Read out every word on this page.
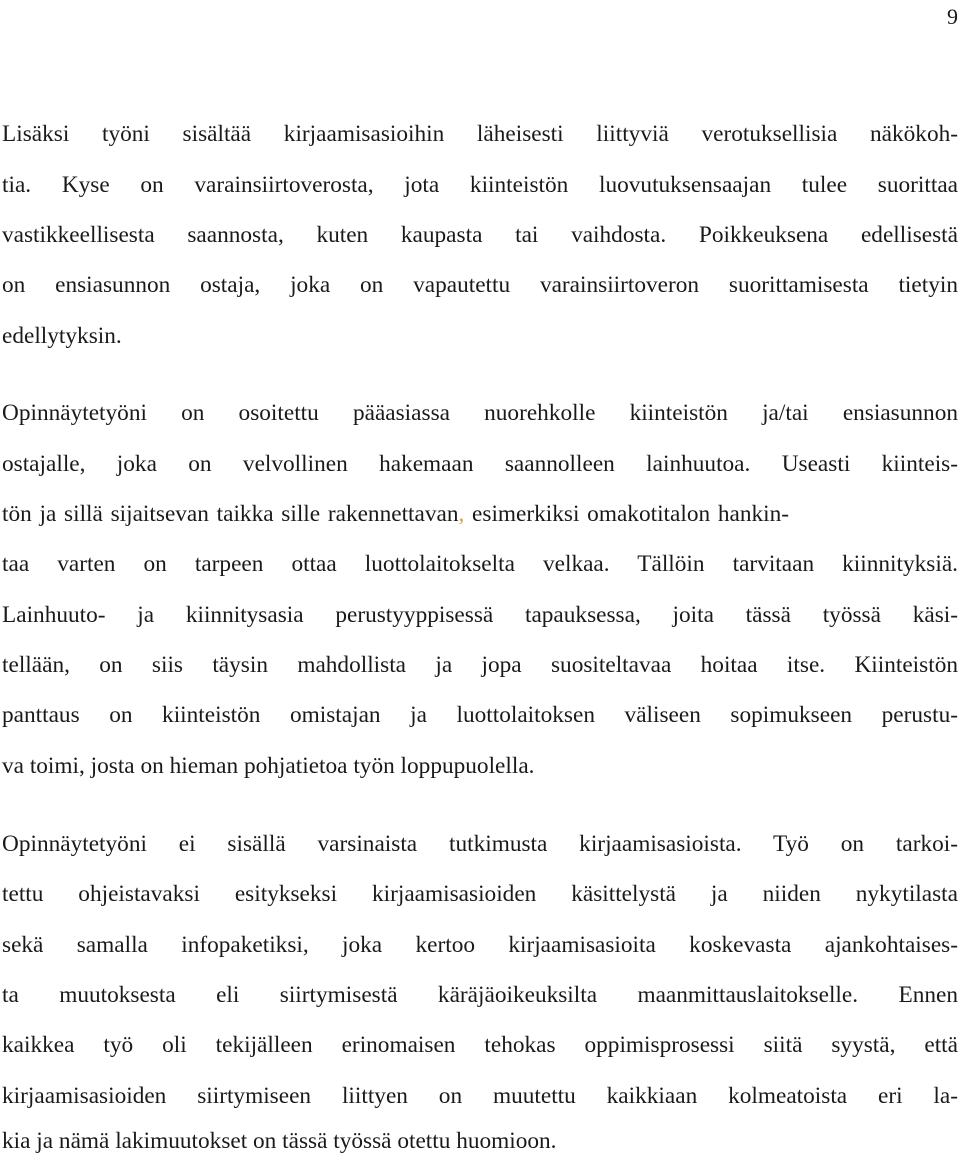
9
Lisäksi työni sisältää kirjaamisasioihin läheisesti liittyviä verotuksellisia näkökoh-
tia. Kyse on varainsiirtoverosta, jota kiinteistön luovutuksensaajan tulee suorittaa
vastikkeellisesta saannosta, kuten kaupasta tai vaihdosta. Poikkeuksena edellisestä
on ensiasunnon ostaja, joka on vapautettu varainsiirtoveron suorittamisesta tietyin
edellytyksin.
Opinnäytetyöni on osoitettu pääasiassa nuorehkolle kiinteistön ja/tai ensiasunnon
ostajalle, joka on velvollinen hakemaan saannolleen lainhuutoa. Useasti kiinteis-
tön ja sillä sijaitsevan taikka sille rakennettavan, esimerkiksi omakotitalon hankin-
taa varten on tarpeen ottaa luottolaitokselta velkaa. Tällöin tarvitaan kiinnityksiä.
Lainhuuto- ja kiinnitysasia perustyyppisessä tapauksessa, joita tässä työssä käsi-
tellään, on siis täysin mahdollista ja jopa suositeltavaa hoitaa itse. Kiinteistön
panttaus on kiinteistön omistajan ja luottolaitoksen väliseen sopimukseen perustu-
va toimi, josta on hieman pohjatietoa työn loppupuolella.
Opinnäytetyöni ei sisällä varsinaista tutkimusta kirjaamisasioista. Työ on tarkoi-
tettu ohjeistavaksi esitykseksi kirjaamisasioiden käsittelystä ja niiden nykytilasta
sekä samalla infopaketiksi, joka kertoo kirjaamisasioita koskevasta ajankohtaises-
ta muutoksesta eli siirtymisestä käräjäoikeuksilta maanmittauslaitokselle. Ennen
kaikkea työ oli tekijälleen erinomaisen tehokas oppimisprosessi siitä syystä, että
kirjaamisasioiden siirtymiseen liittyen on muutettu kaikkiaan kolmeatoista eri la-
kia ja nämä lakimuutokset on tässä työssä otettu huomioon.
